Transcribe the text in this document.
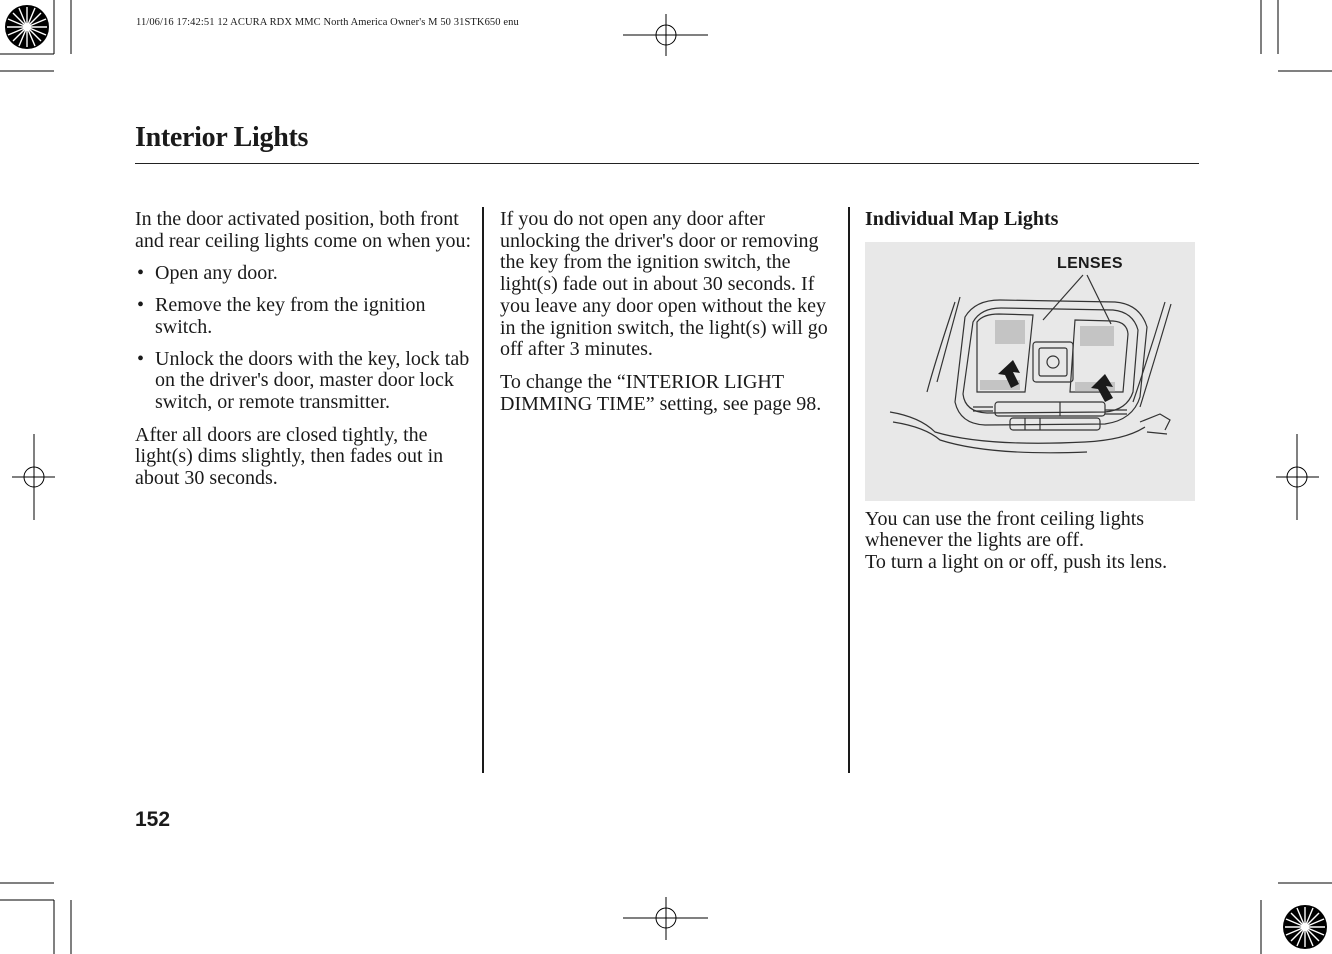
11/06/16 17:42:51 12 ACURA RDX MMC North America Owner's M 50 31STK650 enu
Interior Lights

In the door activated position, both front and rear ceiling lights come on when you:

• Open any door.
• Remove the key from the ignition switch.
• Unlock the doors with the key, lock tab on the driver's door, master door lock switch, or remote transmitter.

After all doors are closed tightly, the light(s) dims slightly, then fades out in about 30 seconds.

If you do not open any door after unlocking the driver's door or removing the key from the ignition switch, the light(s) fade out in about 30 seconds. If you leave any door open without the key in the ignition switch, the light(s) will go off after 3 minutes.

To change the “INTERIOR LIGHT DIMMING TIME” setting, see page 98.

Individual Map Lights

LENSES

You can use the front ceiling lights whenever the lights are off.

To turn a light on or off, push its lens.

152
